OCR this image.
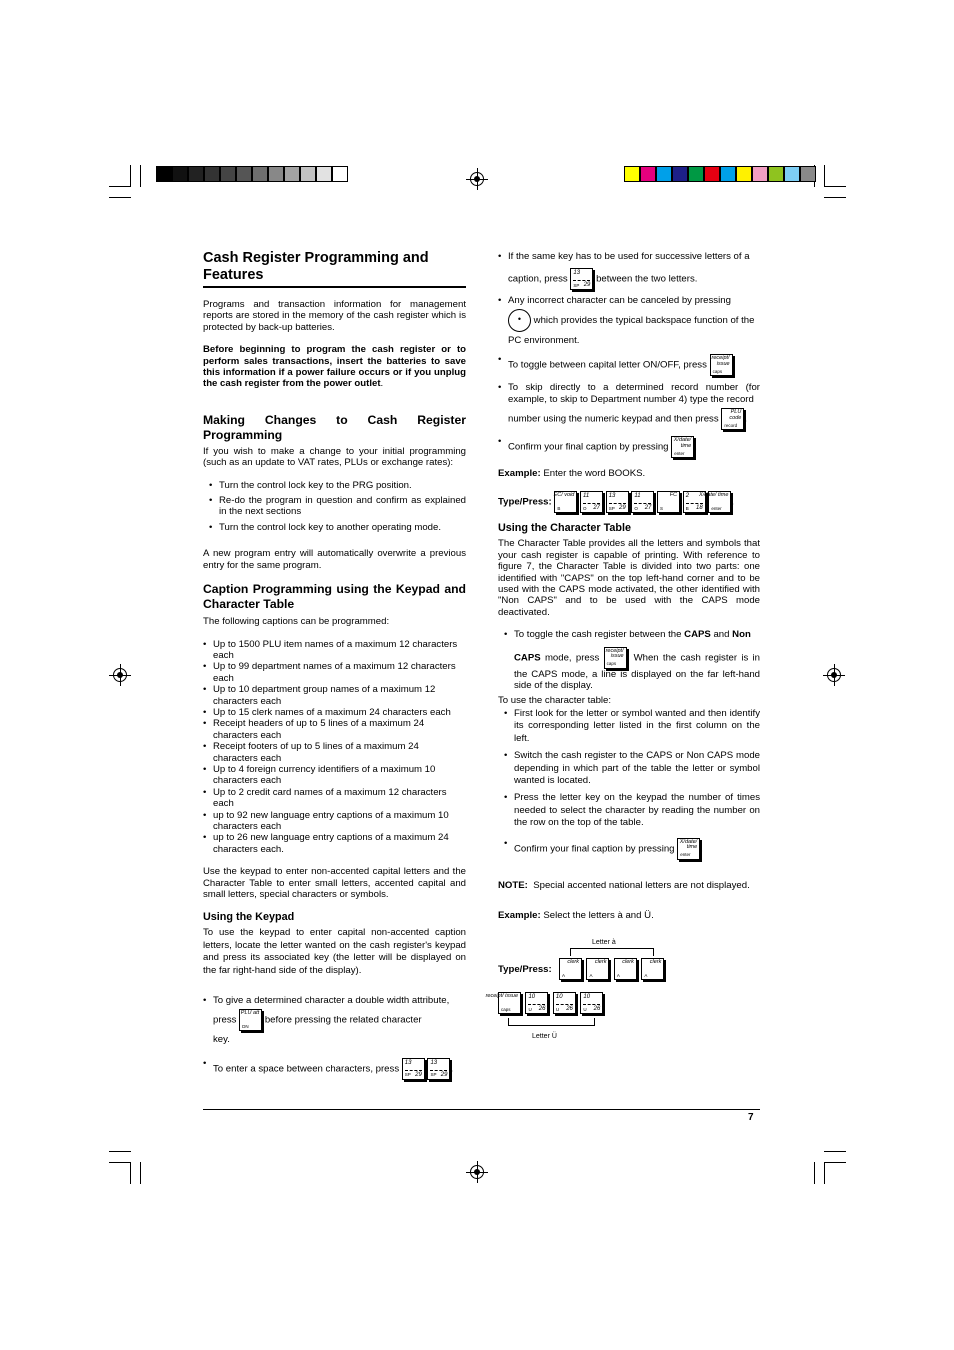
Cash Register Programming and Features

Programs and transaction information for management reports are stored in the memory of the cash register which is protected by back-up batteries.

Before beginning to program the cash register or to perform sales transactions, insert the batteries to save this information if a power failure occurs or if you unplug the cash register from the power outlet.

Making Changes to Cash Register Programming

If you wish to make a change to your initial programming (such as an update to VAT rates, PLUs or exchange rates):

• Turn the control lock key to the PRG position.
• Re-do the program in question and confirm as explained in the next sections
• Turn the control lock key to another operating mode.

A new program entry will automatically overwrite a previous entry for the same program.

Caption Programming using the Keypad and Character Table

The following captions can be programmed:

• Up to 1500 PLU item names of a maximum 12 characters each
• Up to 99 department names of a maximum 12 characters each
• Up to 10 department group names of a maximum 12 characters each
• Up to 15 clerk names of a maximum 24 characters each
• Receipt headers of up to 5 lines of a maximum 24 characters each
• Receipt footers of up to 5 lines of a maximum 24 characters each
• Up to 4 foreign currency identifiers of a maximum 10 characters each
• Up to 2 credit card names of a maximum 12 characters each
• up to 92 new language entry captions of a maximum 10 characters each
• up to 26 new language entry captions of a maximum 24 characters each.

Use the keypad to enter non-accented capital letters and the Character Table to enter small letters, accented capital and small letters, special characters or symbols.

Using the Keypad

To use the keypad to enter capital non-accented caption letters, locate the letter wanted on the cash register's keypad and press its associated key (the letter will be displayed on the far right-hand side of the display).

• To give a determined character a double width attribute,

press
PLU att
DN
before pressing the related character
key.
• To enter a space between characters, press
13
SP 29

13
SP 29
.
• If the same key has to be used for successive letters of a
caption, press
13
SP 29
between the two letters.
• Any incorrect character can be canceled by pressing
• which provides the typical backspace function of the
PC environment.
• To toggle between capital letter ON/OFF, press
receipt/ issue
caps
.
• To skip directly to a determined record number (for example, to skip to Department number 4) type the record
number using the numeric keypad and then press
PLU code
record
.
• Confirm your final caption by pressing
X/date/ time
enter
.

Example: Enter the word BOOKS.

Type/Press:
EC/ void
B

11
O 27

13
SP 29

11
O 27

FC
S

2
B 18

X/date/ time
enter
.
Using the Character Table

The Character Table provides all the letters and symbols that your cash register is capable of printing. With reference to figure 7, the Character Table is divided into two parts: one identified with "CAPS" on the top left-hand corner and to be used with the CAPS mode activated, the other identified with "Non CAPS" and to be used with the CAPS mode deactivated.

• To toggle the cash register between the CAPS and Non
CAPS mode, press
receipt/ issue
caps
. When the cash register is in the CAPS mode, a line is displayed on the far left-hand side of the display.

To use the character table:

• First look for the letter or symbol wanted and then identify its corresponding letter listed in the first column on the left.
• Switch the cash register to the CAPS or Non CAPS mode depending in which part of the table the letter or symbol wanted is located.
• Press the letter key on the keypad the number of times needed to select the character by reading the number on the row on the top of the table.
• Confirm your final caption by pressing
X/date/ time
enter
.

NOTE: Special accented national letters are not displayed.

Example: Select the letters à and Ü.

Letter à
Type/Press:
clerk
A

clerk
A

clerk
A

clerk
A
receipt/ issue
caps

10
U 26

10
U 26

10
U 26
Letter Ü
7
